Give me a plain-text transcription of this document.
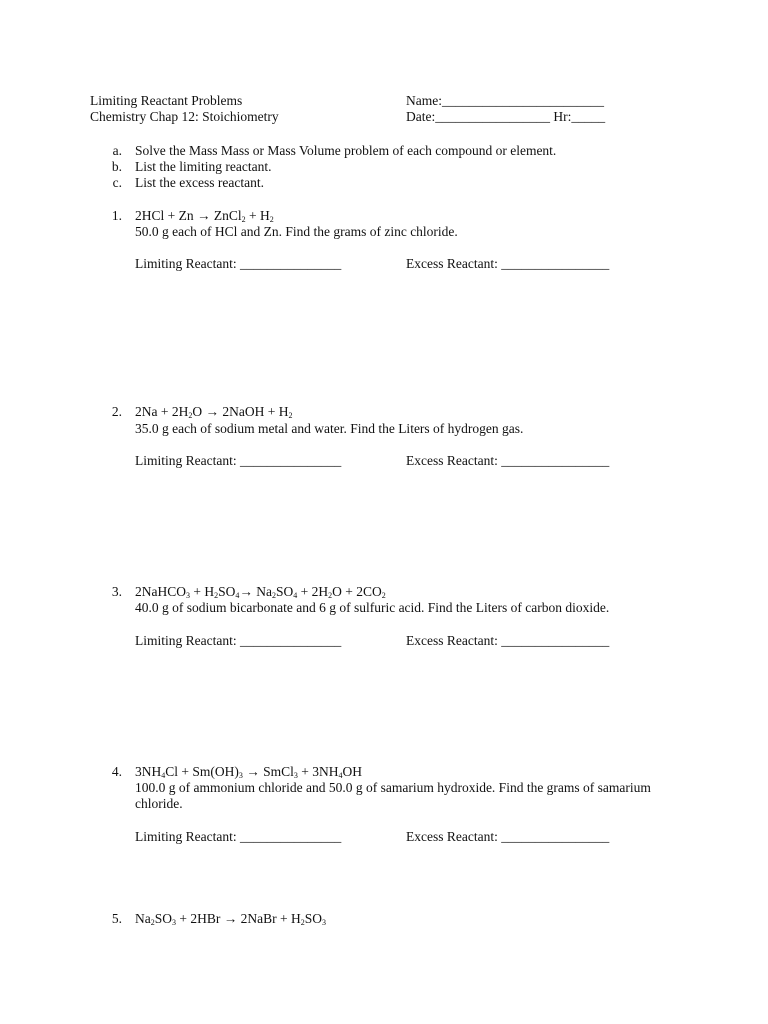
Limiting Reactant Problems
Chemistry Chap 12: Stoichiometry
Name:________________________
Date:_________________ Hr:_____
a. Solve the Mass Mass or Mass Volume problem of each compound or element.
b. List the limiting reactant.
c. List the excess reactant.
1. 2HCl + Zn → ZnCl$_2$ + $H_2$
50.0 g each of HCl and Zn. Find the grams of zinc chloride.
Limiting Reactant: _______________	Excess Reactant: ________________
2. $2Na + 2H_2O$ → 2NaOH + $H_2$
35.0 g each of sodium metal and water. Find the Liters of hydrogen gas.
Limiting Reactant: _______________	Excess Reactant: ________________
3. 2NaHCO$_3$ + $H_2SO_4\to Na_2SO_4 + 2H_2O + 2CO_2$
40.0 g of sodium bicarbonate and 6 g of sulfuric acid. Find the Liters of carbon dioxide.
Limiting Reactant: _______________	Excess Reactant: ________________
4. $3NH_4Cl + Sm(OH)_3$ → SmCl$_3$ + $3NH_4OH$
100.0 g of ammonium chloride and 50.0 g of samarium hydroxide. Find the grams of samarium
chloride.
Limiting Reactant: _______________	Excess Reactant: ________________
5. $Na_2SO_3 + 2HBr$ → 2NaBr + $H_2SO_3$
